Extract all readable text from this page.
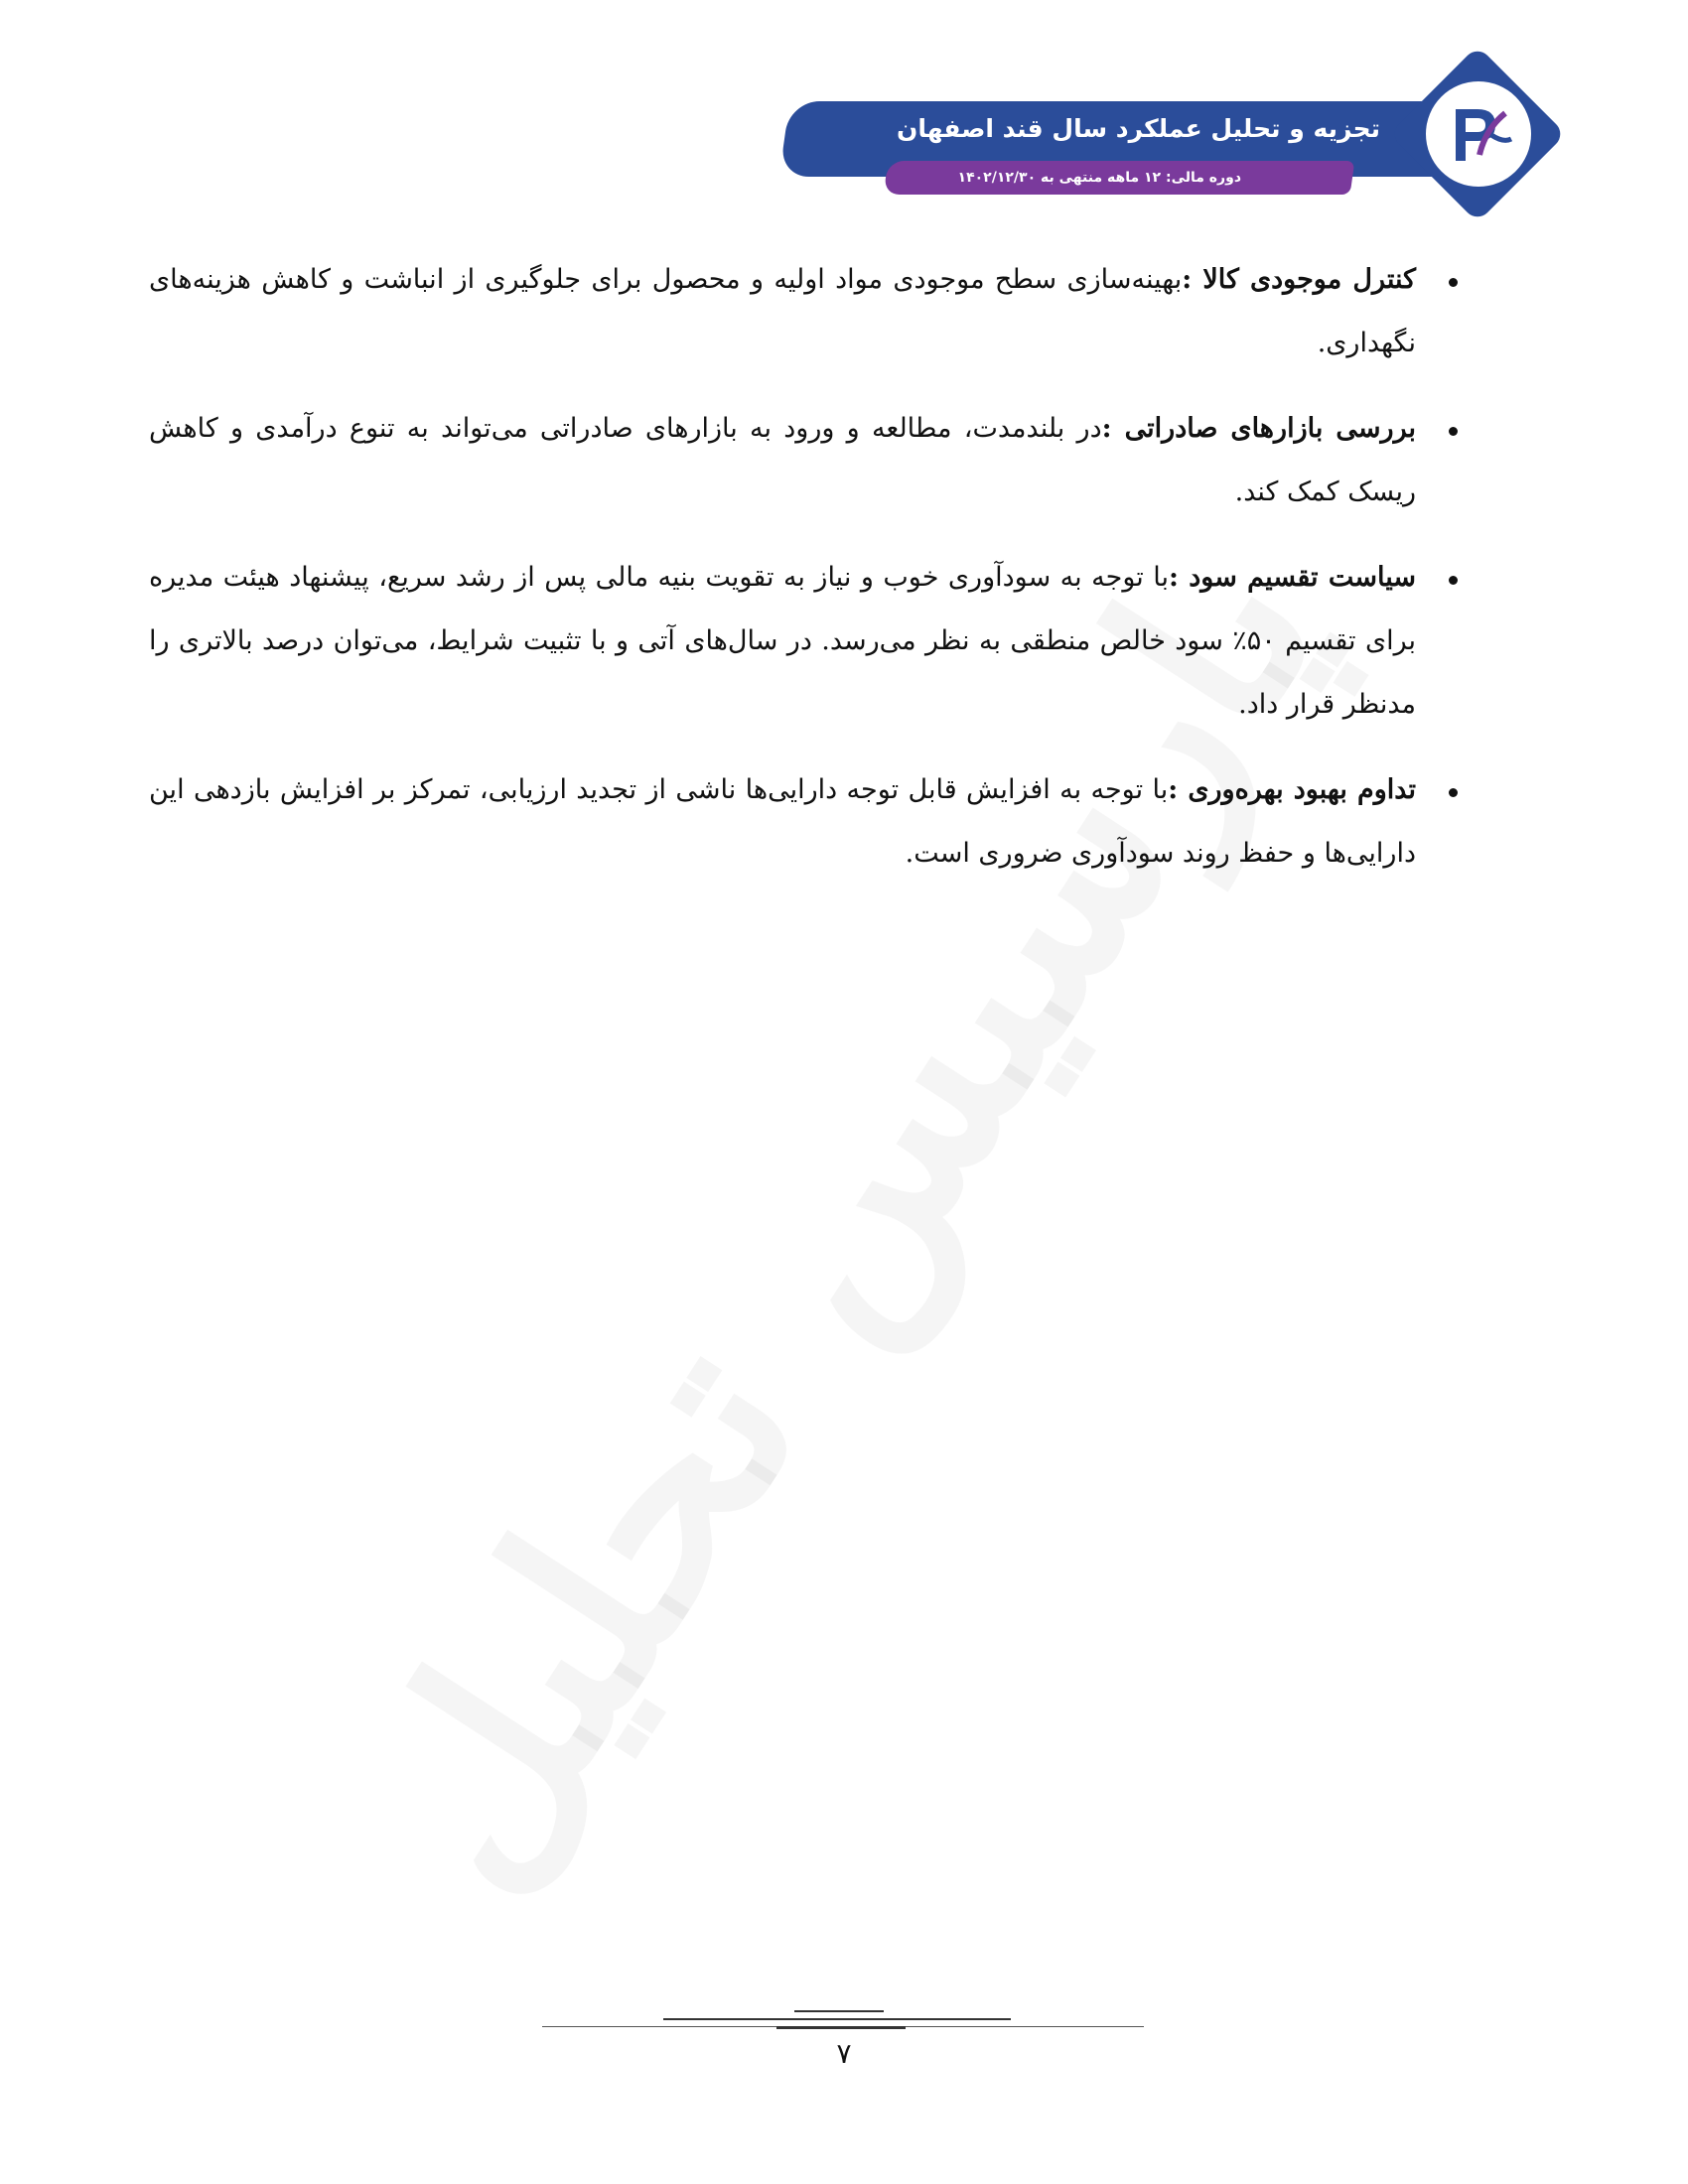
تجزیه و تحلیل عملکرد سال قند اصفهان
دوره مالی: ۱۲ ماهه منتهی به ۱۴۰۲/۱۲/۳۰
کنترل موجودی کالا :بهینه‌سازی سطح موجودی مواد اولیه و محصول برای جلوگیری از انباشت و کاهش هزینه‌های نگهداری.
بررسی بازارهای صادراتی :در بلندمدت، مطالعه و ورود به بازارهای صادراتی می‌تواند به تنوع درآمدی و کاهش ریسک کمک کند.
سیاست تقسیم سود :با توجه به سودآوری خوب و نیاز به تقویت بنیه مالی پس از رشد سریع، پیشنهاد هیئت مدیره برای تقسیم ۵۰٪ سود خالص منطقی به نظر می‌رسد. در سال‌های آتی و با تثبیت شرایط، می‌توان درصد بالاتری را مدنظر قرار داد.
تداوم بهبود بهره‌وری :با توجه به افزایش قابل توجه دارایی‌ها ناشی از تجدید ارزیابی، تمرکز بر افزایش بازدهی این دارایی‌ها و حفظ روند سودآوری ضروری است.
۷
